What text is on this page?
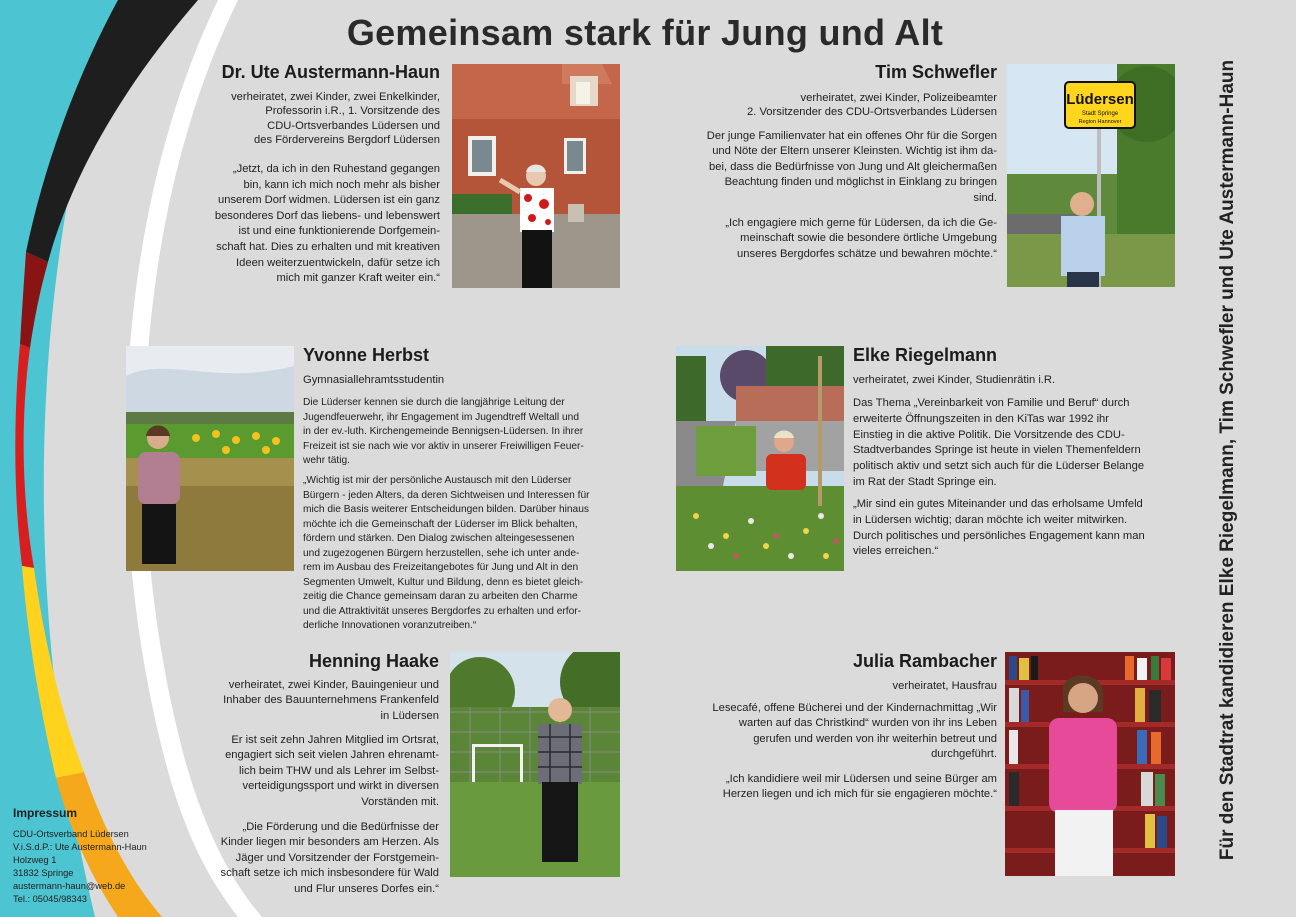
Gemeinsam stark für Jung und Alt
Für den Stadtrat kandidieren Elke Riegelmann, Tim Schwefler und Ute Austermann-Haun
Dr. Ute Austermann-Haun
verheiratet, zwei Kinder, zwei Enkelkinder,
Professorin i.R., 1. Vorsitzende des
CDU-Ortsverbandes Lüdersen und
des Fördervereins Bergdorf Lüdersen
„Jetzt, da ich in den Ruhestand gegangen
bin, kann ich mich noch mehr als bisher
unserem Dorf widmen. Lüdersen ist ein ganz
besonderes Dorf das liebens- und lebenswert
ist und eine funktionierende Dorfgemein-
schaft hat. Dies zu erhalten und mit kreativen
Ideen weiterzuentwickeln, dafür setze ich
mich mit ganzer Kraft weiter ein.“
Tim Schwefler
verheiratet, zwei Kinder, Polizeibeamter
2. Vorsitzender des CDU-Ortsverbandes Lüdersen
Der junge Familienvater hat ein offenes Ohr für die Sorgen
und Nöte der Eltern unserer Kleinsten. Wichtig ist ihm da-
bei, dass die Bedürfnisse von Jung und Alt gleichermaßen
Beachtung finden und möglichst in Einklang zu bringen
sind.
„Ich engagiere mich gerne für Lüdersen, da ich die Ge-
meinschaft sowie die besondere örtliche Umgebung
unseres Bergdorfes schätze und bewahren möchte.“
Lüdersen
Stadt Springe
Region Hannover
Yvonne Herbst
Gymnasiallehramtsstudentin
Die Lüderser kennen sie durch die langjährige Leitung der
Jugendfeuerwehr, ihr Engagement im Jugendtreff Weltall und
in der ev.-luth. Kirchengemeinde Bennigsen-Lüdersen. In ihrer
Freizeit ist sie nach wie vor aktiv in unserer Freiwilligen Feuer-
wehr tätig.
„Wichtig ist mir der persönliche Austausch mit den Lüderser
Bürgern - jeden Alters, da deren Sichtweisen und Interessen für
mich die Basis weiterer Entscheidungen bilden. Darüber hinaus
möchte ich die Gemeinschaft der Lüderser im Blick behalten,
fördern und stärken. Den Dialog zwischen alteingesessenen
und zugezogenen Bürgern herzustellen, sehe ich unter ande-
rem im Ausbau des Freizeitangebotes für Jung und Alt in den
Segmenten Umwelt, Kultur und Bildung, denn es bietet gleich-
zeitig die Chance gemeinsam daran zu arbeiten den Charme
und die Attraktivität unseres Bergdorfes zu erhalten und erfor-
derliche Innovationen voranzutreiben.“
Elke Riegelmann
verheiratet, zwei Kinder, Studienrätin i.R.
Das Thema „Vereinbarkeit von Familie und Beruf“ durch
erweiterte Öffnungszeiten in den KiTas war 1992 ihr
Einstieg in die aktive Politik. Die Vorsitzende des CDU-
Stadtverbandes Springe ist heute in vielen Themenfeldern
politisch aktiv und setzt sich auch für die Lüderser Belange
im Rat der Stadt Springe ein.
„Mir sind ein gutes Miteinander und das erholsame Umfeld
in Lüdersen wichtig; daran möchte ich weiter mitwirken.
Durch politisches und persönliches Engagement kann man
vieles erreichen.“
Henning Haake
verheiratet, zwei Kinder, Bauingenieur und
Inhaber des Bauunternehmens Frankenfeld
in Lüdersen
Er ist seit zehn Jahren Mitglied im Ortsrat,
engagiert sich seit vielen Jahren ehrenamt-
lich beim THW und als Lehrer im Selbst-
verteidigungssport und wirkt in diversen
Vorständen mit.
„Die Förderung und die Bedürfnisse der
Kinder liegen mir besonders am Herzen. Als
Jäger und Vorsitzender der Forstgemein-
schaft setze ich mich insbesondere für Wald
und Flur unseres Dorfes ein.“
Julia Rambacher
verheiratet, Hausfrau
Lesecafé, offene Bücherei und der Kindernachmittag „Wir
warten auf das Christkind“ wurden von ihr ins Leben
gerufen und werden von ihr weiterhin betreut und
durchgeführt.
„Ich kandidiere weil mir Lüdersen und seine Bürger am
Herzen liegen und ich mich für sie engagieren möchte.“
Impressum
CDU-Ortsverband Lüdersen
V.i.S.d.P.: Ute Austermann-Haun
Holzweg 1
31832 Springe
austermann-haun@web.de
Tel.: 05045/98343
